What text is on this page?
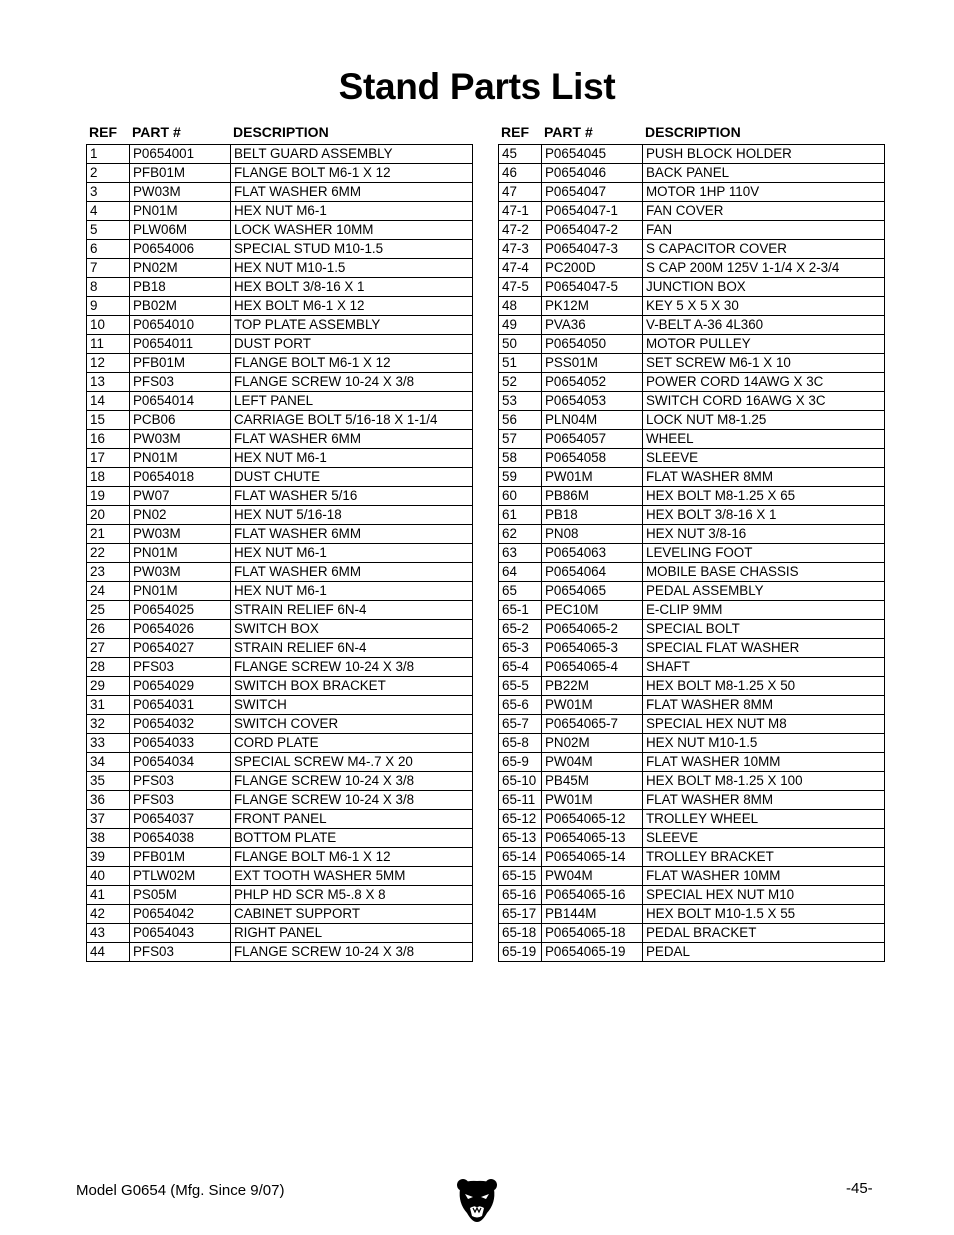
Stand Parts List
REF	PART #	DESCRIPTION
1	P0654001	BELT GUARD ASSEMBLY
2	PFB01M	FLANGE BOLT M6-1 X 12
3	PW03M	FLAT WASHER 6MM
4	PN01M	HEX NUT M6-1
5	PLW06M	LOCK WASHER 10MM
6	P0654006	SPECIAL STUD M10-1.5
7	PN02M	HEX NUT M10-1.5
8	PB18	HEX BOLT 3/8-16 X 1
9	PB02M	HEX BOLT M6-1 X 12
10	P0654010	TOP PLATE ASSEMBLY
11	P0654011	DUST PORT
12	PFB01M	FLANGE BOLT M6-1 X 12
13	PFS03	FLANGE SCREW 10-24 X 3/8
14	P0654014	LEFT PANEL
15	PCB06	CARRIAGE BOLT 5/16-18 X 1-1/4
16	PW03M	FLAT WASHER 6MM
17	PN01M	HEX NUT M6-1
18	P0654018	DUST CHUTE
19	PW07	FLAT WASHER 5/16
20	PN02	HEX NUT 5/16-18
21	PW03M	FLAT WASHER 6MM
22	PN01M	HEX NUT M6-1
23	PW03M	FLAT WASHER 6MM
24	PN01M	HEX NUT M6-1
25	P0654025	STRAIN RELIEF 6N-4
26	P0654026	SWITCH BOX
27	P0654027	STRAIN RELIEF 6N-4
28	PFS03	FLANGE SCREW 10-24 X 3/8
29	P0654029	SWITCH BOX BRACKET
31	P0654031	SWITCH
32	P0654032	SWITCH COVER
33	P0654033	CORD PLATE
34	P0654034	SPECIAL SCREW M4-.7 X 20
35	PFS03	FLANGE SCREW 10-24 X 3/8
36	PFS03	FLANGE SCREW 10-24 X 3/8
37	P0654037	FRONT PANEL
38	P0654038	BOTTOM PLATE
39	PFB01M	FLANGE BOLT M6-1 X 12
40	PTLW02M	EXT TOOTH WASHER 5MM
41	PS05M	PHLP HD SCR M5-.8 X 8
42	P0654042	CABINET SUPPORT
43	P0654043	RIGHT PANEL
44	PFS03	FLANGE SCREW 10-24 X 3/8
REF	PART #	DESCRIPTION
45	P0654045	PUSH BLOCK HOLDER
46	P0654046	BACK PANEL
47	P0654047	MOTOR 1HP 110V
47-1	P0654047-1	FAN COVER
47-2	P0654047-2	FAN
47-3	P0654047-3	S CAPACITOR COVER
47-4	PC200D	S CAP 200M 125V 1-1/4 X 2-3/4
47-5	P0654047-5	JUNCTION BOX
48	PK12M	KEY 5 X 5 X 30
49	PVA36	V-BELT A-36 4L360
50	P0654050	MOTOR PULLEY
51	PSS01M	SET SCREW M6-1 X 10
52	P0654052	POWER CORD 14AWG X 3C
53	P0654053	SWITCH CORD 16AWG X 3C
56	PLN04M	LOCK NUT M8-1.25
57	P0654057	WHEEL
58	P0654058	SLEEVE
59	PW01M	FLAT WASHER 8MM
60	PB86M	HEX BOLT M8-1.25 X 65
61	PB18	HEX BOLT 3/8-16 X 1
62	PN08	HEX NUT 3/8-16
63	P0654063	LEVELING FOOT
64	P0654064	MOBILE BASE CHASSIS
65	P0654065	PEDAL ASSEMBLY
65-1	PEC10M	E-CLIP 9MM
65-2	P0654065-2	SPECIAL BOLT
65-3	P0654065-3	SPECIAL FLAT WASHER
65-4	P0654065-4	SHAFT
65-5	PB22M	HEX BOLT M8-1.25 X 50
65-6	PW01M	FLAT WASHER 8MM
65-7	P0654065-7	SPECIAL HEX NUT M8
65-8	PN02M	HEX NUT M10-1.5
65-9	PW04M	FLAT WASHER 10MM
65-10	PB45M	HEX BOLT M8-1.25 X 100
65-11	PW01M	FLAT WASHER 8MM
65-12	P0654065-12	TROLLEY WHEEL
65-13	P0654065-13	SLEEVE
65-14	P0654065-14	TROLLEY BRACKET
65-15	PW04M	FLAT WASHER 10MM
65-16	P0654065-16	SPECIAL HEX NUT M10
65-17	PB144M	HEX BOLT M10-1.5 X 55
65-18	P0654065-18	PEDAL BRACKET
65-19	P0654065-19	PEDAL
Model G0654 (Mfg. Since 9/07)	-45-
